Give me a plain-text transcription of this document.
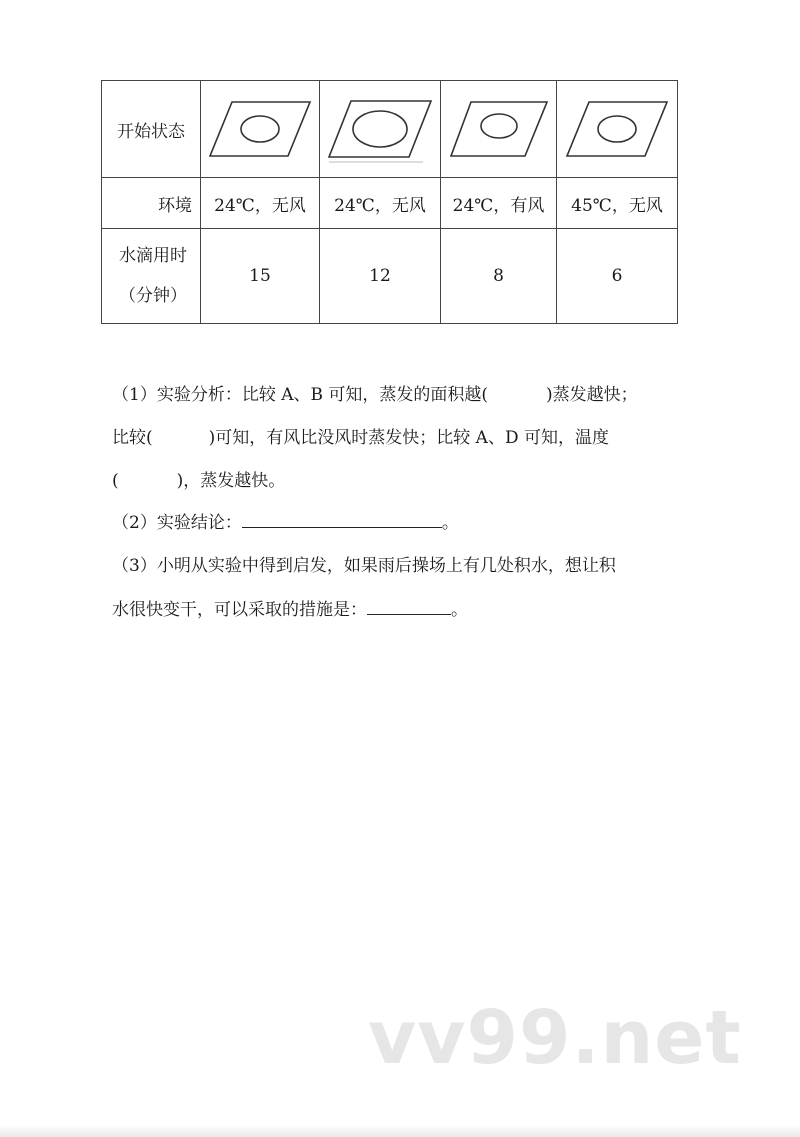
开始状态	

环境	24℃，无风	24℃，无风	24℃，有风	45℃，无风

水滴用时
（分钟）	15	12	8	6
（1）实验分析：比较 A、B 可知，蒸发的面积越(	)蒸发越快；
比较(	)可知，有风比没风时蒸发快；比较 A、D 可知，温度
(	)，蒸发越快。
（2）实验结论：	。
（3）小明从实验中得到启发，如果雨后操场上有几处积水，想让积
水很快变干，可以采取的措施是：	。
vv99.net
